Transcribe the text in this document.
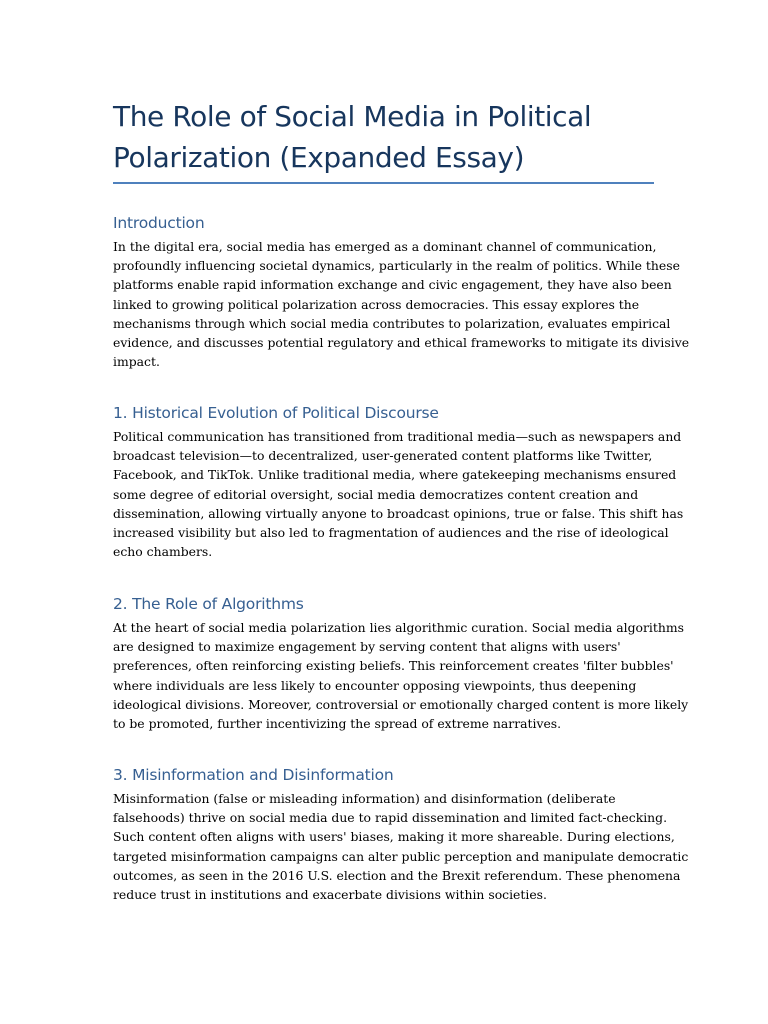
The Role of Social Media in Political
Polarization (Expanded Essay)
Introduction
In the digital era, social media has emerged as a dominant channel of communication,
profoundly influencing societal dynamics, particularly in the realm of politics. While these
platforms enable rapid information exchange and civic engagement, they have also been
linked to growing political polarization across democracies. This essay explores the
mechanisms through which social media contributes to polarization, evaluates empirical
evidence, and discusses potential regulatory and ethical frameworks to mitigate its divisive
impact.
1. Historical Evolution of Political Discourse
Political communication has transitioned from traditional media—such as newspapers and
broadcast television—to decentralized, user-generated content platforms like Twitter,
Facebook, and TikTok. Unlike traditional media, where gatekeeping mechanisms ensured
some degree of editorial oversight, social media democratizes content creation and
dissemination, allowing virtually anyone to broadcast opinions, true or false. This shift has
increased visibility but also led to fragmentation of audiences and the rise of ideological
echo chambers.
2. The Role of Algorithms
At the heart of social media polarization lies algorithmic curation. Social media algorithms
are designed to maximize engagement by serving content that aligns with users'
preferences, often reinforcing existing beliefs. This reinforcement creates 'filter bubbles'
where individuals are less likely to encounter opposing viewpoints, thus deepening
ideological divisions. Moreover, controversial or emotionally charged content is more likely
to be promoted, further incentivizing the spread of extreme narratives.
3. Misinformation and Disinformation
Misinformation (false or misleading information) and disinformation (deliberate
falsehoods) thrive on social media due to rapid dissemination and limited fact-checking.
Such content often aligns with users' biases, making it more shareable. During elections,
targeted misinformation campaigns can alter public perception and manipulate democratic
outcomes, as seen in the 2016 U.S. election and the Brexit referendum. These phenomena
reduce trust in institutions and exacerbate divisions within societies.
